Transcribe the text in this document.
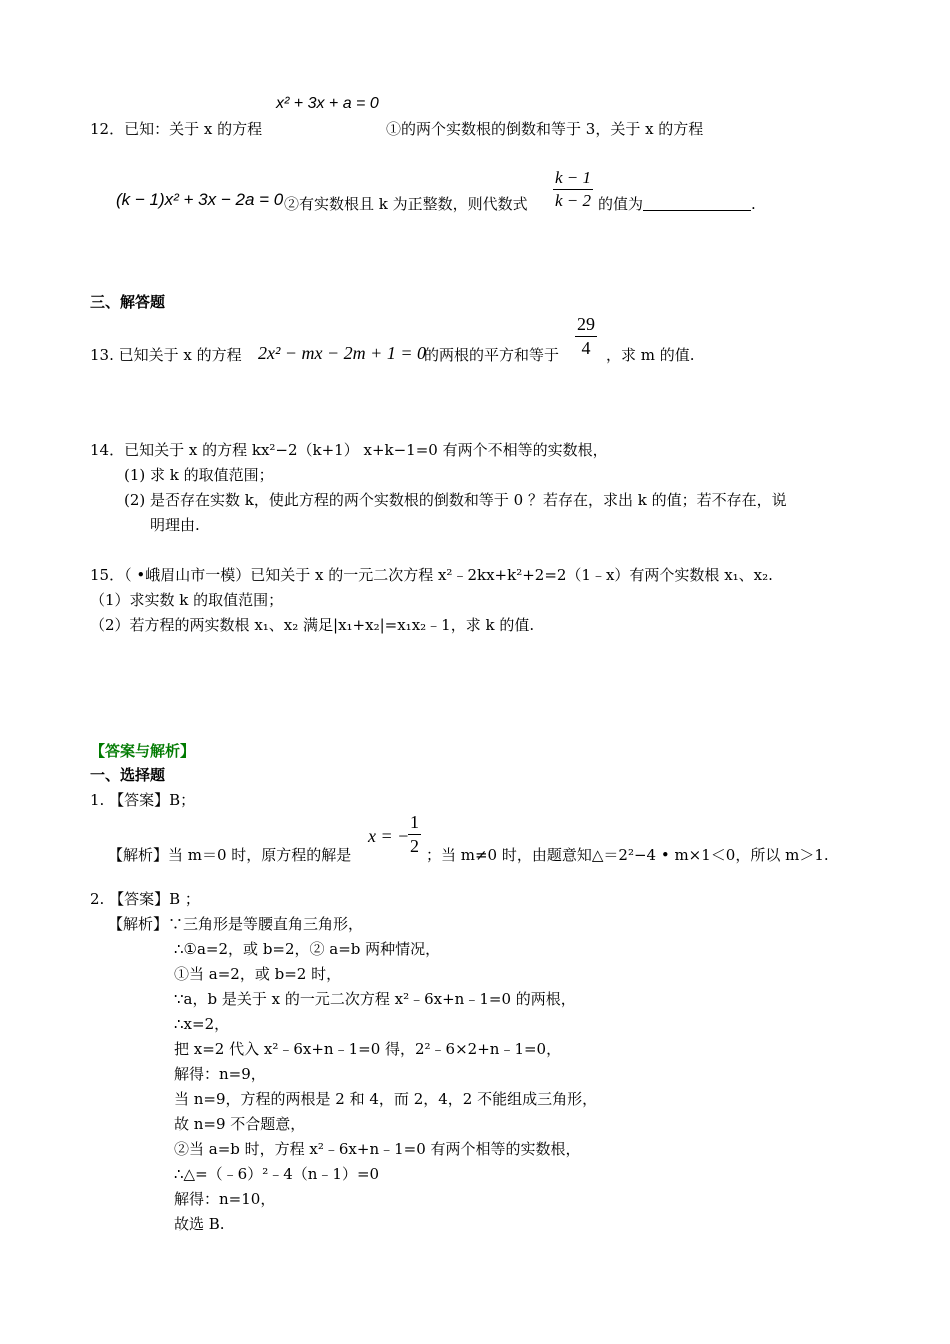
x² + 3x + a = 0
12．已知：关于 x 的方程	①的两个实数根的倒数和等于 3，关于 x 的方程
(k − 1)x² + 3x − 2a = 0 ②有实数根且 k 为正整数，则代数式 $\frac{k - 1}{k - 2}$ 的值为	.
三、解答题
13. 已知关于 x 的方程 2x² − mx − 2m + 1 = 0
的两根的平方和等于 $\frac{29}{4}$ ，求 m 的值.
14．已知关于 x 的方程 kx²−2（k+1） x+k−1=0 有两个不相等的实数根，
(1) 求 k 的取值范围；
(2) 是否存在实数 k，使此方程的两个实数根的倒数和等于 0 ？若存在，求出 k 的值；若不存在，说
明理由.
15．（ •峨眉山市一模）已知关于 x 的一元二次方程 x²﹣2kx+k²+2=2（1﹣x）有两个实数根 x₁、x₂.
（1）求实数 k 的取值范围；
（2）若方程的两实数根 x₁、x₂ 满足|x₁+x₂|=x₁x₂﹣1，求 k 的值.
【答案与解析】
一、选择题
1. 【答案】B；
【解析】当 m＝0 时，原方程的解是
x = −
$\frac{1}{2}$ ；当 m≠0 时，由题意知△＝2²−4 • m×1＜0，所以 m＞1.
2. 【答案】B ；
【解析】∵三角形是等腰直角三角形，
∴①a=2，或 b=2，② a=b 两种情况，
①当 a=2，或 b=2 时，
∵a，b 是关于 x 的一元二次方程 x²﹣6x+n﹣1=0 的两根，
∴x=2，
把 x=2 代入 x²﹣6x+n﹣1=0 得，2²﹣6×2+n﹣1=0，
解得：n=9，
当 n=9，方程的两根是 2 和 4，而 2，4，2 不能组成三角形，
故 n=9 不合题意，
②当 a=b 时，方程 x²﹣6x+n﹣1=0 有两个相等的实数根，
∴△=（﹣6）²﹣4（n﹣1）=0
解得：n=10，
故选 B.
